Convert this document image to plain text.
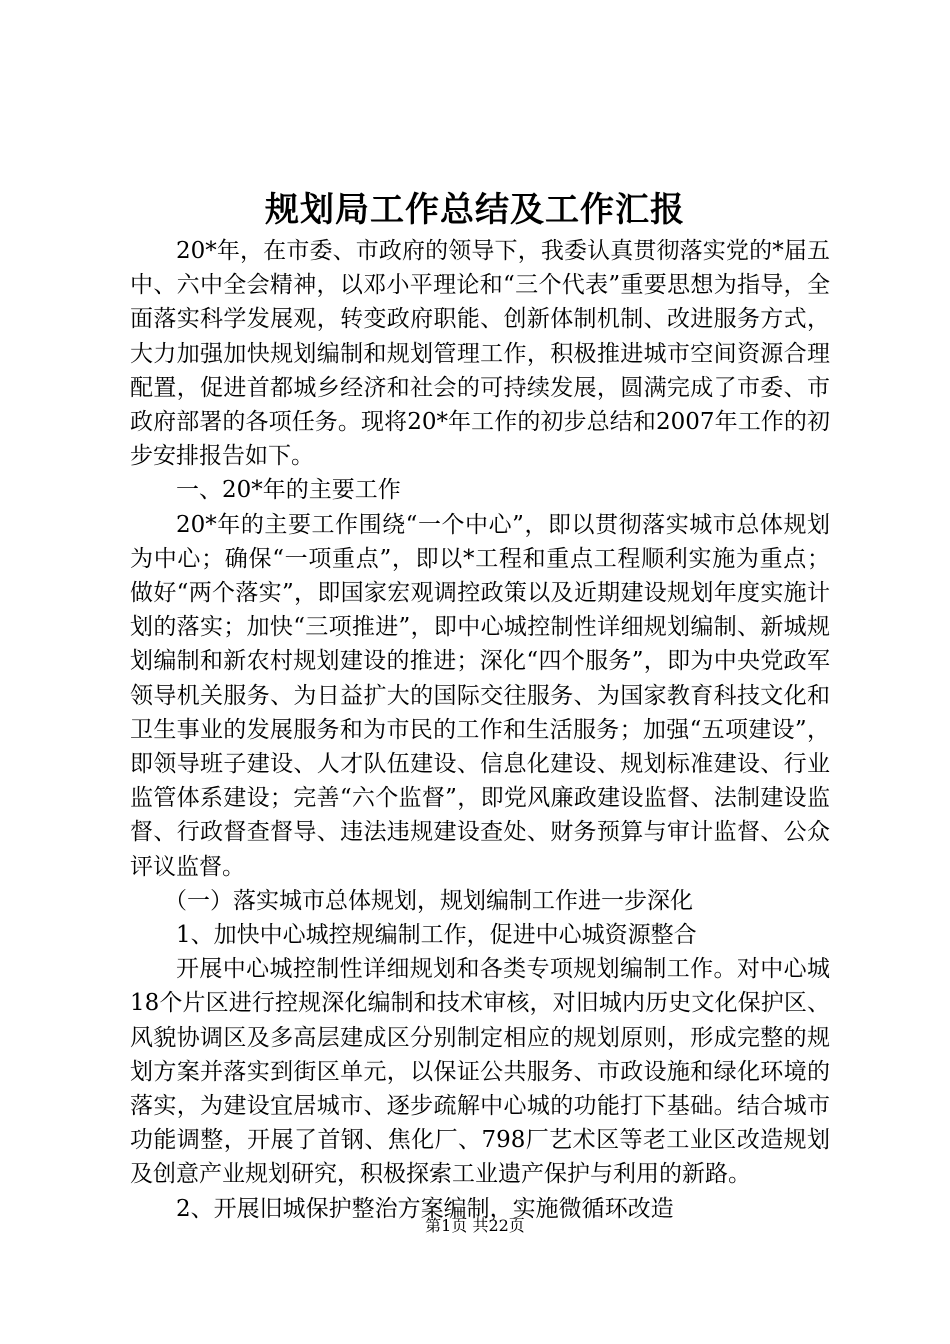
规划局工作总结及工作汇报

20*年，在市委、市政府的领导下，我委认真贯彻落实党的*届五中、六中全会精神，以邓小平理论和“三个代表”重要思想为指导，全面落实科学发展观，转变政府职能、创新体制机制、改进服务方式，大力加强加快规划编制和规划管理工作，积极推进城市空间资源合理配置，促进首都城乡经济和社会的可持续发展，圆满完成了市委、市政府部署的各项任务。现将20*年工作的初步总结和2007年工作的初步安排报告如下。

一、20*年的主要工作

20*年的主要工作围绕“一个中心”，即以贯彻落实城市总体规划为中心；确保“一项重点”，即以*工程和重点工程顺利实施为重点；做好“两个落实”，即国家宏观调控政策以及近期建设规划年度实施计划的落实；加快“三项推进”，即中心城控制性详细规划编制、新城规划编制和新农村规划建设的推进；深化“四个服务”，即为中央党政军领导机关服务、为日益扩大的国际交往服务、为国家教育科技文化和卫生事业的发展服务和为市民的工作和生活服务；加强“五项建设”，即领导班子建设、人才队伍建设、信息化建设、规划标准建设、行业监管体系建设；完善“六个监督”，即党风廉政建设监督、法制建设监督、行政督查督导、违法违规建设查处、财务预算与审计监督、公众评议监督。

（一）落实城市总体规划，规划编制工作进一步深化

1、加快中心城控规编制工作，促进中心城资源整合

开展中心城控制性详细规划和各类专项规划编制工作。对中心城18个片区进行控规深化编制和技术审核，对旧城内历史文化保护区、风貌协调区及多高层建成区分别制定相应的规划原则，形成完整的规划方案并落实到街区单元，以保证公共服务、市政设施和绿化环境的落实，为建设宜居城市、逐步疏解中心城的功能打下基础。结合城市功能调整，开展了首钢、焦化厂、798厂艺术区等老工业区改造规划及创意产业规划研究，积极探索工业遗产保护与利用的新路。

2、开展旧城保护整治方案编制，实施微循环改造

第1页 共22页
